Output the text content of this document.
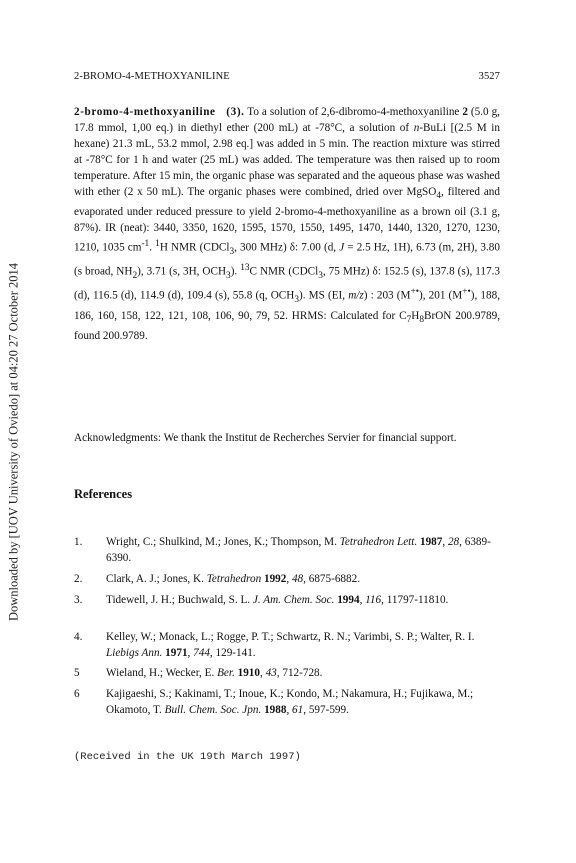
Downloaded by [UOV University of Oviedo] at 04:20 27 October 2014
2-BROMO-4-METHOXYANILINE	3527
2-bromo-4-methoxyaniline (3). To a solution of 2,6-dibromo-4-methoxyaniline 2 (5.0 g, 17.8 mmol, 1,00 eq.) in diethyl ether (200 mL) at -78°C, a solution of n-BuLi [(2.5 M in hexane) 21.3 mL, 53.2 mmol, 2.98 eq.] was added in 5 min. The reaction mixture was stirred at -78°C for 1 h and water (25 mL) was added. The temperature was then raised up to room temperature. After 15 min, the organic phase was separated and the aqueous phase was washed with ether (2 x 50 mL). The organic phases were combined, dried over MgSO$_4$, filtered and evaporated under reduced pressure to yield 2-bromo-4-methoxyaniline as a brown oil (3.1 g, 87%). IR (neat): 3440, 3350, 1620, 1595, 1570, 1550, 1495, 1470, 1440, 1320, 1270, 1230, 1210, 1035 $cm^{-1}$. $^1$H NMR (CDCl$_3$, 300 MHz) δ: 7.00 (d, J = 2.5 Hz, 1H), 6.73 (m, 2H), 3.80 (s broad, $NH_2$), 3.71 (s, 3H, $OCH_3$). $^{13}$C NMR (CDCl$_3$, 75 MHz) δ: 152.5 (s), 137.8 (s), 117.3 (d), 116.5 (d), 114.9 (d), 109.4 (s), 55.8 (q, $OCH_3$). MS (EI, m/z) : 203 (M+•), 201 (M+•), 188, 186, 160, 158, 122, 121, 108, 106, 90, 79, 52. HRMS: Calculated for $C_7H_8BrON$ 200.9789, found 200.9789.
Acknowledgments: We thank the Institut de Recherches Servier for financial support.
References
1.	Wright, C.; Shulkind, M.; Jones, K.; Thompson, M. Tetrahedron Lett. 1987, 28, 6389-6390.
2.	Clark, A. J.; Jones, K. Tetrahedron 1992, 48, 6875-6882.
3.	Tidewell, J. H.; Buchwald, S. L. J. Am. Chem. Soc. 1994, 116, 11797-11810.
4.	Kelley, W.; Monack, L.; Rogge, P. T.; Schwartz, R. N.; Varimbi, S. P.; Walter, R. I. Liebigs Ann. 1971, 744, 129-141.
5	Wieland, H.; Wecker, E. Ber. 1910, 43, 712-728.
6	Kajigaeshi, S.; Kakinami, T.; Inoue, K.; Kondo, M.; Nakamura, H.; Fujikawa, M.; Okamoto, T. Bull. Chem. Soc. Jpn. 1988, 61, 597-599.
(Received in the UK 19th March 1997)
